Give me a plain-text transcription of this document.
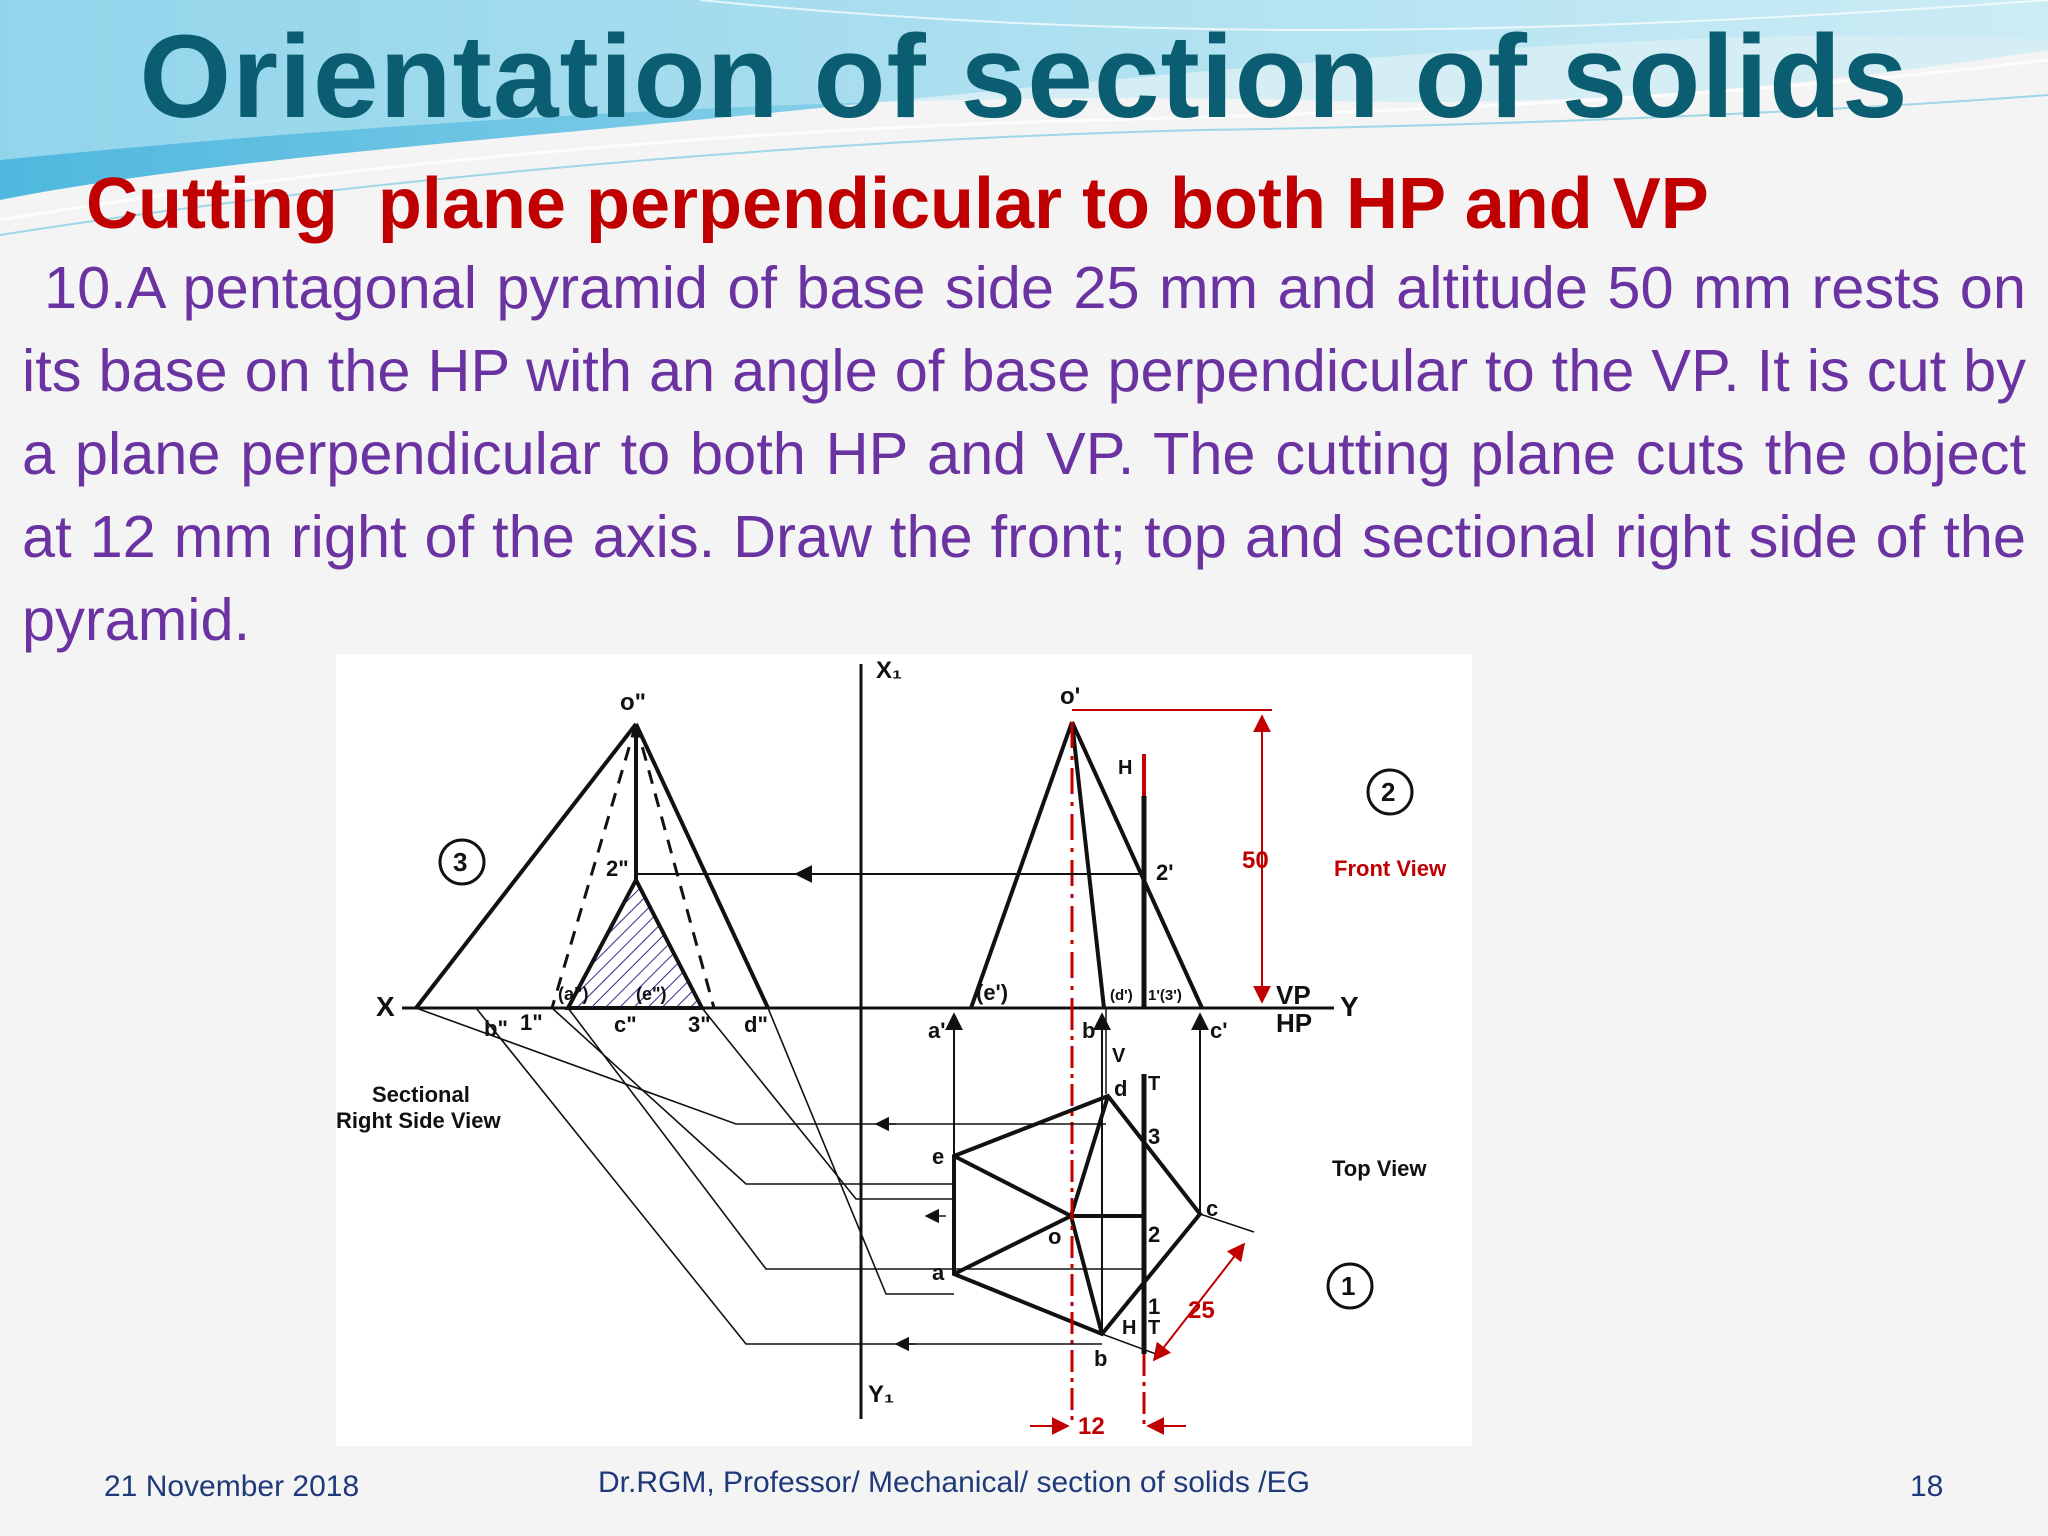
Orientation of section of solids
Cutting  plane perpendicular to both HP and VP
10.A pentagonal pyramid of base side 25 mm and altitude 50 mm rests on its base on the HP with an angle of base perpendicular to the VP. It is cut by a plane perpendicular to both HP and VP. The cutting plane cuts the object at 12 mm right of the axis. Draw the front; top and sectional right side of the pyramid.
X₁
Y₁
X	Y
VP
HP
o"	o'
2"
(a")	(e")
b" 1"	c" 3" d"
(e')
a'	b'
(d') 1'(3')
c'
2'
d
e
a
b
c
o
1
2
3
H
V
T
H T
50
25
12
Front View
Top View
Sectional
Right Side View
3
2
1
21 November 2018	Dr.RGM, Professor/ Mechanical/ section of solids /EG	18
